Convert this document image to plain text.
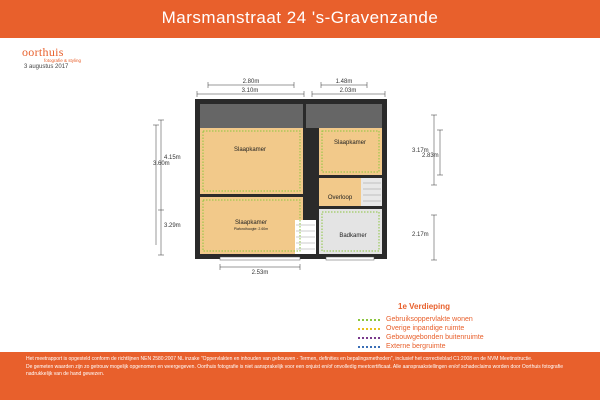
Marsmanstraat 24 's-Gravenzande
oorthuis
fotografie & styling
3 augustus 2017
2.80m	1.48m
3.10m	2.03m
3.60m
4.15m
3.29m
3.17m
2.83m
2.17m
2.53m
Slaapkamer
Slaapkamer
Slaapkamer
Plafondhoogte: 2.60m
Overloop
Badkamer
1e Verdieping
Gebruiksoppervlakte wonen
Overige inpandige ruimte
Gebouwgebonden buitenruimte
Externe bergruimte

Het meetrapport is opgesteld conform de richtlijnen NEN 2580:2007 NL inzake "Oppervlakten en inhouden van gebouwen - Termen, definities en bepalingsmethoden", inclusief het correctieblad C1:2008 en de NVM Meetinstructie.

De gemeten waarden zijn zo getrouw mogelijk opgenomen en weergegeven. Oorthuis fotografie is niet aansprakelijk voor een onjuist en/of onvolledig meetcertificaat. Alle aanspraakstellingen en/of schadeclaims worden door Oorthuis fotografie nadrukkelijk van de hand gewezen.
